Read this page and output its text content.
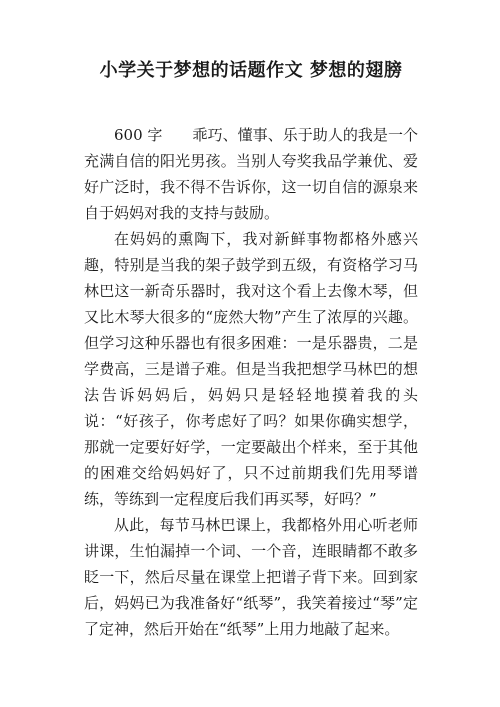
小学关于梦想的话题作文 梦想的翅膀

600 字　　乖巧、懂事、乐于助人的我是一个充满自信的阳光男孩。当别人夸奖我品学兼优、爱好广泛时，我不得不告诉你，这一切自信的源泉来自于妈妈对我的支持与鼓励。

在妈妈的熏陶下，我对新鲜事物都格外感兴趣，特别是当我的架子鼓学到五级，有资格学习马林巴这一新奇乐器时，我对这个看上去像木琴，但又比木琴大很多的“庞然大物”产生了浓厚的兴趣。但学习这种乐器也有很多困难：一是乐器贵，二是学费高，三是谱子难。但是当我把想学马林巴的想法告诉妈妈后，妈妈只是轻轻地摸着我的头说：“好孩子，你考虑好了吗？如果你确实想学，那就一定要好好学，一定要敲出个样来，至于其他的困难交给妈妈好了，只不过前期我们先用琴谱练，等练到一定程度后我们再买琴，好吗？”

从此，每节马林巴课上，我都格外用心听老师讲课，生怕漏掉一个词、一个音，连眼睛都不敢多眨一下，然后尽量在课堂上把谱子背下来。回到家后，妈妈已为我准备好“纸琴”，我笑着接过“琴”定了定神，然后开始在“纸琴”上用力地敲了起来。
